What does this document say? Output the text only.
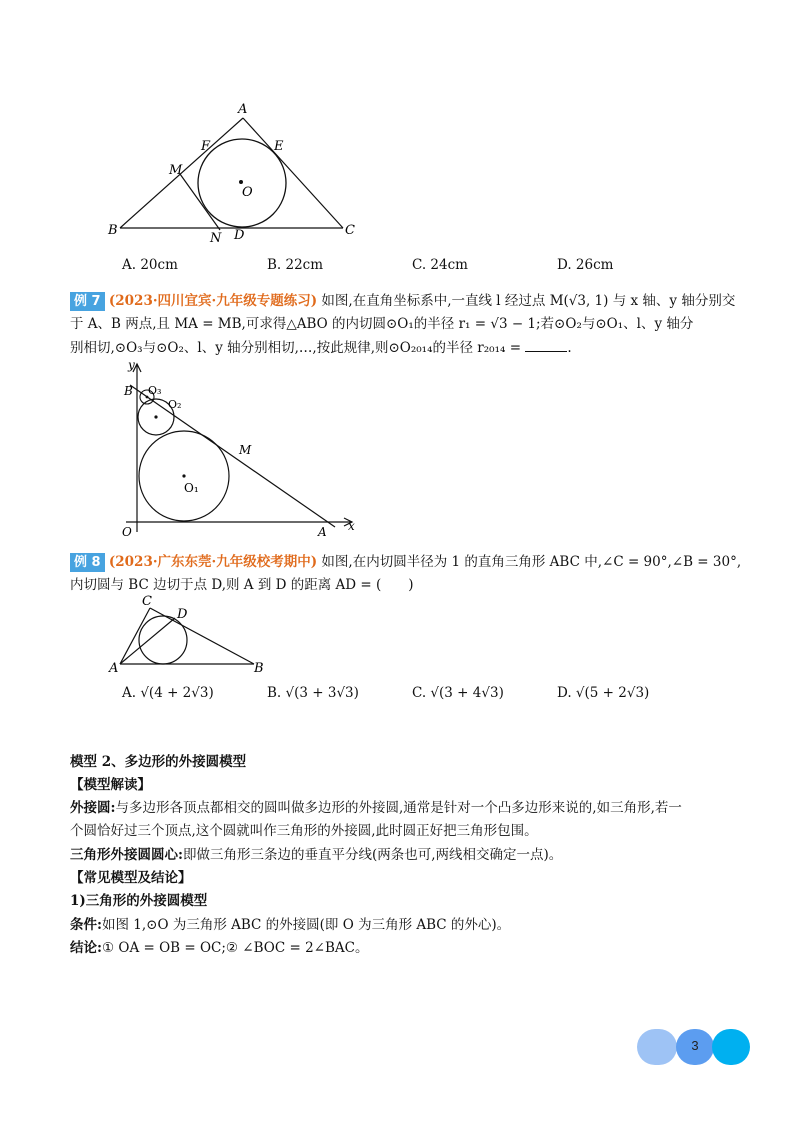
A
E
F
M
O
B	C
N D
A. 20cm	B. 22cm	C. 24cm	D. 26cm
例 7 (2023·四川宜宾·九年级专题练习) 如图,在直角坐标系中,一直线 l 经过点 M(√3, 1) 与 x 轴、y 轴分别交
于 A、B 两点,且 MA = MB,可求得△ABO 的内切圆⊙O₁的半径 r₁ = √3 − 1;若⊙O₂与⊙O₁、l、y 轴分
别相切,⊙O₃与⊙O₂、l、y 轴分别相切,…,按此规律,则⊙O₂₀₁₄的半径 r₂₀₁₄ =	.
y
B O₃
O₂
M
O₁
O	A x
例 8 (2023·广东东莞·九年级校考期中) 如图,在内切圆半径为 1 的直角三角形 ABC 中,∠C = 90°,∠B = 30°,
内切圆与 BC 边切于点 D,则 A 到 D 的距离 AD = (　　)
C
D
A	B
A. √(4 + 2√3)	B. √(3 + 3√3)	C. √(3 + 4√3)	D. √(5 + 2√3)
模型 2、多边形的外接圆模型
【模型解读】
外接圆:与多边形各顶点都相交的圆叫做多边形的外接圆,通常是针对一个凸多边形来说的,如三角形,若一
个圆恰好过三个顶点,这个圆就叫作三角形的外接圆,此时圆正好把三角形包围。
三角形外接圆圆心:即做三角形三条边的垂直平分线(两条也可,两线相交确定一点)。
【常见模型及结论】
1)三角形的外接圆模型
条件:如图 1,⊙O 为三角形 ABC 的外接圆(即 O 为三角形 ABC 的外心)。
结论:① OA = OB = OC;② ∠BOC = 2∠BAC。
3
